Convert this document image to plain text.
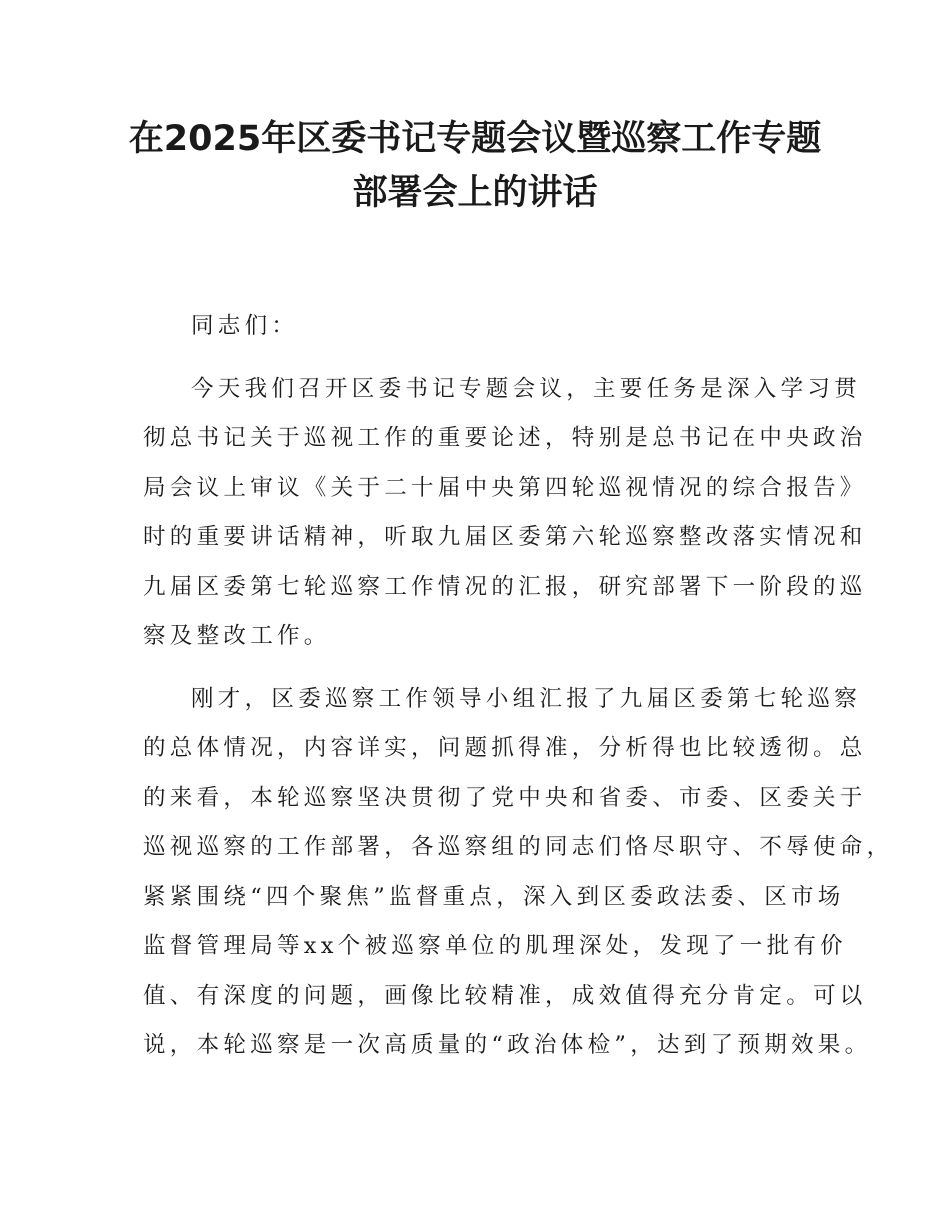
在2025年区委书记专题会议暨巡察工作专题
部署会上的讲话

同志们：

今天我们召开区委书记专题会议，主要任务是深入学习贯
彻总书记关于巡视工作的重要论述，特别是总书记在中央政治
局会议上审议《关于二十届中央第四轮巡视情况的综合报告》
时的重要讲话精神，听取九届区委第六轮巡察整改落实情况和
九届区委第七轮巡察工作情况的汇报，研究部署下一阶段的巡
察及整改工作。

刚才，区委巡察工作领导小组汇报了九届区委第七轮巡察
的总体情况，内容详实，问题抓得准，分析得也比较透彻。总
的来看，本轮巡察坚决贯彻了党中央和省委、市委、区委关于
巡视巡察的工作部署，各巡察组的同志们恪尽职守、不辱使命，
紧紧围绕“四个聚焦”监督重点，深入到区委政法委、区市场
监督管理局等xx个被巡察单位的肌理深处，发现了一批有价
值、有深度的问题，画像比较精准，成效值得充分肯定。可以
说，本轮巡察是一次高质量的“政治体检”，达到了预期效果。
